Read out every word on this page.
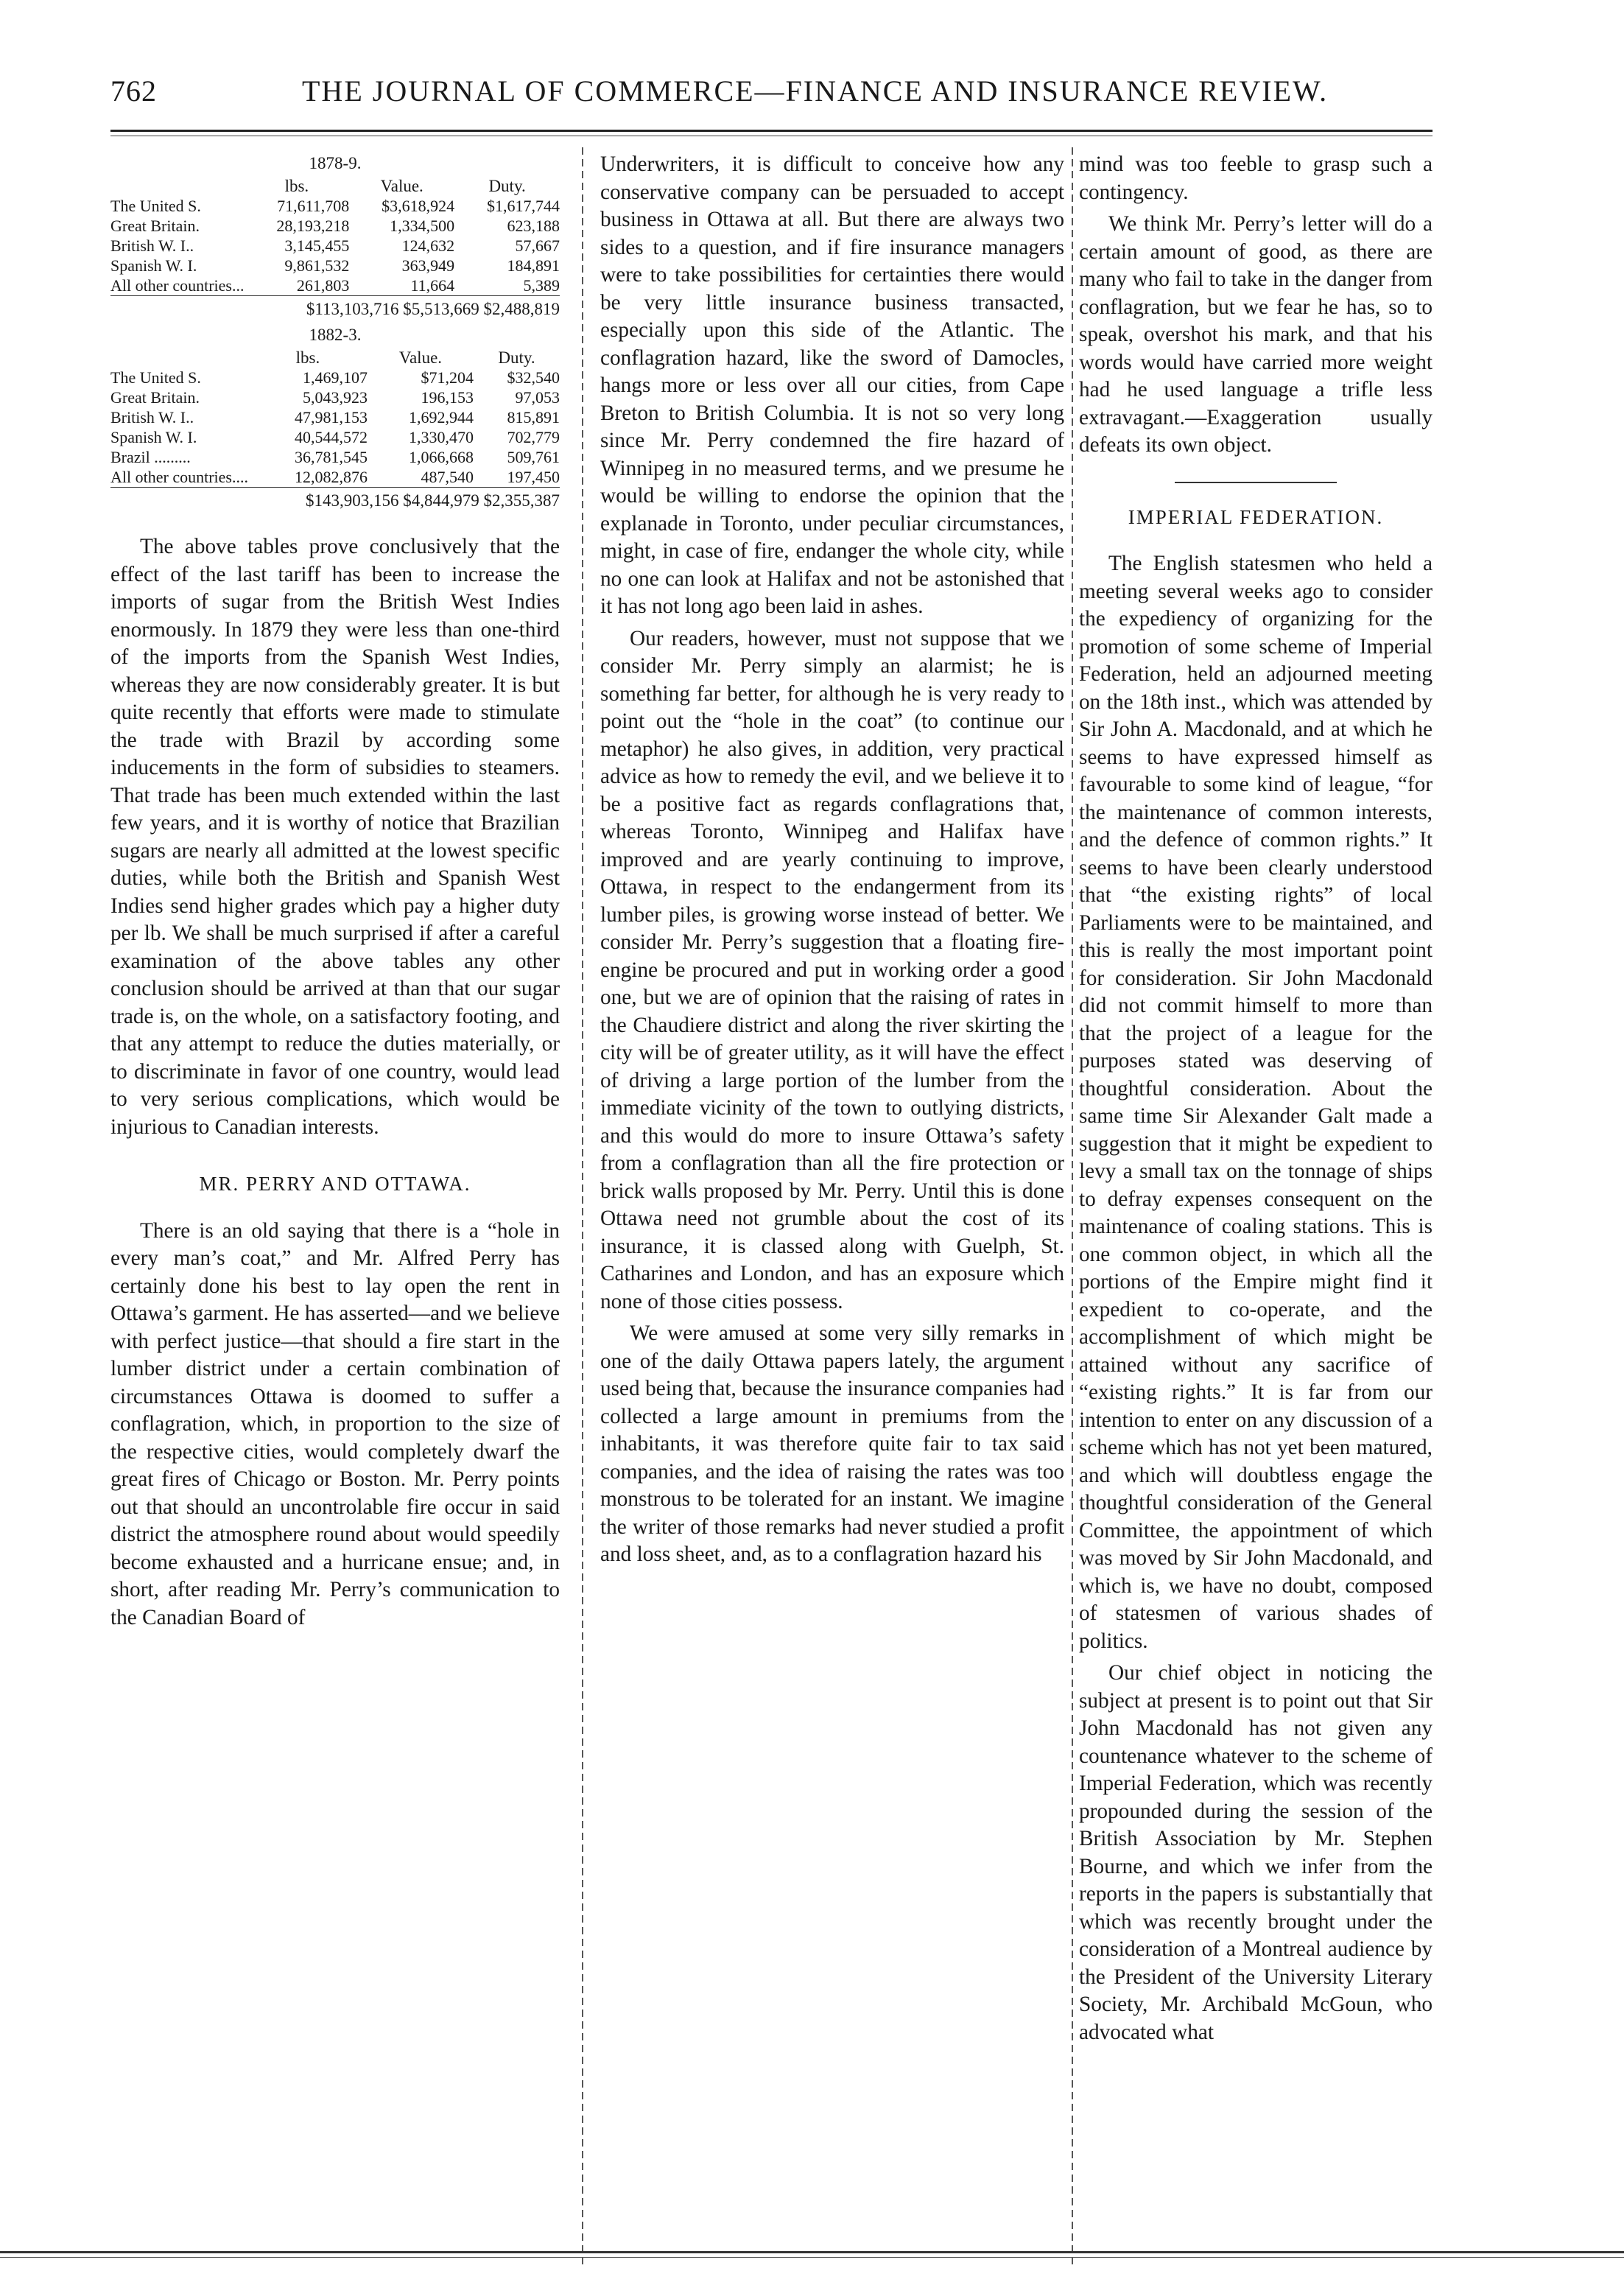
762	THE JOURNAL OF COMMERCE—FINANCE AND INSURANCE REVIEW.
1878-9.
	lbs.	Value.	Duty.
The United S.	71,611,708	$3,618,924	$1,617,744
Great Britain.	28,193,218	1,334,500	623,188
British W. I..	3,145,455	124,632	57,667
Spanish W. I.	9,861,532	363,949	184,891
All other countries...	261,803	11,664	5,389
$113,103,716 $5,513,669 $2,488,819
1882-3.
	lbs.	Value.	Duty.
The United S.	1,469,107	$71,204	$32,540
Great Britain.	5,043,923	196,153	97,053
British W. I..	47,981,153	1,692,944	815,891
Spanish W. I.	40,544,572	1,330,470	702,779
Brazil .........	36,781,545	1,066,668	509,761
All other countries....	12,082,876	487,540	197,450
$143,903,156 $4,844,979 $2,355,387

The above tables prove conclusively that the effect of the last tariff has been to increase the imports of sugar from the British West Indies enormously. In 1879 they were less than one-third of the imports from the Spanish West Indies, whereas they are now considerably greater. It is but quite recently that efforts were made to stimulate the trade with Brazil by according some inducements in the form of subsidies to steamers. That trade has been much extended within the last few years, and it is worthy of notice that Brazilian sugars are nearly all admitted at the lowest specific duties, while both the British and Spanish West Indies send higher grades which pay a higher duty per lb. We shall be much surprised if after a careful examination of the above tables any other conclusion should be arrived at than that our sugar trade is, on the whole, on a satisfactory footing, and that any attempt to reduce the duties materially, or to discriminate in favor of one country, would lead to very serious complications, which would be injurious to Canadian interests.

MR. PERRY AND OTTAWA.

There is an old saying that there is a “hole in every man’s coat,” and Mr. Alfred Perry has certainly done his best to lay open the rent in Ottawa’s garment. He has asserted—and we believe with perfect justice—that should a fire start in the lumber district under a certain combination of circumstances Ottawa is doomed to suffer a conflagration, which, in proportion to the size of the respective cities, would completely dwarf the great fires of Chicago or Boston. Mr. Perry points out that should an uncontrolable fire occur in said district the atmosphere round about would speedily become exhausted and a hurricane ensue; and, in short, after reading Mr. Perry’s communication to the Canadian Board of

Underwriters, it is difficult to conceive how any conservative company can be persuaded to accept business in Ottawa at all. But there are always two sides to a question, and if fire insurance managers were to take possibilities for certainties there would be very little insurance business transacted, especially upon this side of the Atlantic. The conflagration hazard, like the sword of Damocles, hangs more or less over all our cities, from Cape Breton to British Columbia. It is not so very long since Mr. Perry condemned the fire hazard of Winnipeg in no measured terms, and we presume he would be willing to endorse the opinion that the explanade in Toronto, under peculiar circumstances, might, in case of fire, endanger the whole city, while no one can look at Halifax and not be astonished that it has not long ago been laid in ashes.

Our readers, however, must not suppose that we consider Mr. Perry simply an alarmist; he is something far better, for although he is very ready to point out the “hole in the coat” (to continue our metaphor) he also gives, in addition, very practical advice as how to remedy the evil, and we believe it to be a positive fact as regards conflagrations that, whereas Toronto, Winnipeg and Halifax have improved and are yearly continuing to improve, Ottawa, in respect to the endangerment from its lumber piles, is growing worse instead of better. We consider Mr. Perry’s suggestion that a floating fire-engine be procured and put in working order a good one, but we are of opinion that the raising of rates in the Chaudiere district and along the river skirting the city will be of greater utility, as it will have the effect of driving a large portion of the lumber from the immediate vicinity of the town to outlying districts, and this would do more to insure Ottawa’s safety from a conflagration than all the fire protection or brick walls proposed by Mr. Perry. Until this is done Ottawa need not grumble about the cost of its insurance, it is classed along with Guelph, St. Catharines and London, and has an exposure which none of those cities possess.

We were amused at some very silly remarks in one of the daily Ottawa papers lately, the argument used being that, because the insurance companies had collected a large amount in premiums from the inhabitants, it was therefore quite fair to tax said companies, and the idea of raising the rates was too monstrous to be tolerated for an instant. We imagine the writer of those remarks had never studied a profit and loss sheet, and, as to a conflagration hazard his

mind was too feeble to grasp such a contingency.

We think Mr. Perry’s letter will do a certain amount of good, as there are many who fail to take in the danger from conflagration, but we fear he has, so to speak, overshot his mark, and that his words would have carried more weight had he used language a trifle less extravagant.—Exaggeration usually defeats its own object.

IMPERIAL FEDERATION.

The English statesmen who held a meeting several weeks ago to consider the expediency of organizing for the promotion of some scheme of Imperial Federation, held an adjourned meeting on the 18th inst., which was attended by Sir John A. Macdonald, and at which he seems to have expressed himself as favourable to some kind of league, “for the maintenance of common interests, and the defence of common rights.” It seems to have been clearly understood that “the existing rights” of local Parliaments were to be maintained, and this is really the most important point for consideration. Sir John Macdonald did not commit himself to more than that the project of a league for the purposes stated was deserving of thoughtful consideration. About the same time Sir Alexander Galt made a suggestion that it might be expedient to levy a small tax on the tonnage of ships to defray expenses consequent on the maintenance of coaling stations. This is one common object, in which all the portions of the Empire might find it expedient to co-operate, and the accomplishment of which might be attained without any sacrifice of “existing rights.” It is far from our intention to enter on any discussion of a scheme which has not yet been matured, and which will doubtless engage the thoughtful consideration of the General Committee, the appointment of which was moved by Sir John Macdonald, and which is, we have no doubt, composed of statesmen of various shades of politics.

Our chief object in noticing the subject at present is to point out that Sir John Macdonald has not given any countenance whatever to the scheme of Imperial Federation, which was recently propounded during the session of the British Association by Mr. Stephen Bourne, and which we infer from the reports in the papers is substantially that which was recently brought under the consideration of a Montreal audience by the President of the University Literary Society, Mr. Archibald McGoun, who advocated what
